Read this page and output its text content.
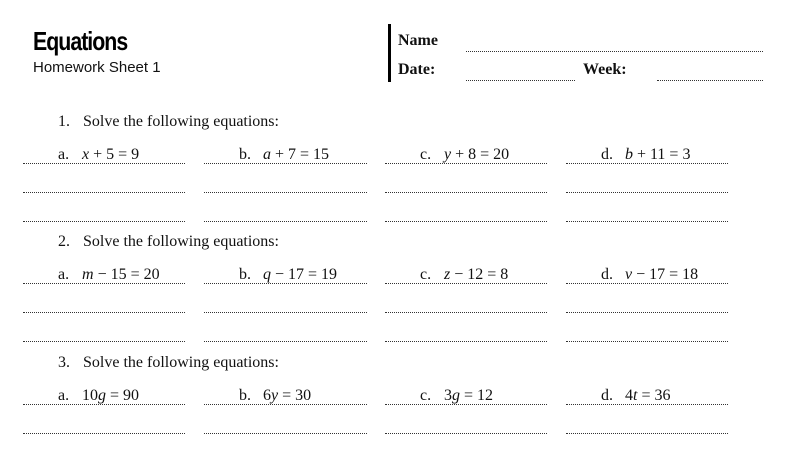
Equations
Homework Sheet 1
Name
Date:	Week:
1. Solve the following equations:
a. x + 5 = 9	b. a + 7 = 15	c. y + 8 = 20	d. b + 11 = 3
2. Solve the following equations:
a. m − 15 = 20	b. q − 17 = 19	c. z − 12 = 8	d. v − 17 = 18
3. Solve the following equations:
a. 10g = 90	b. 6y = 30	c. 3g = 12	d. 4t = 36
